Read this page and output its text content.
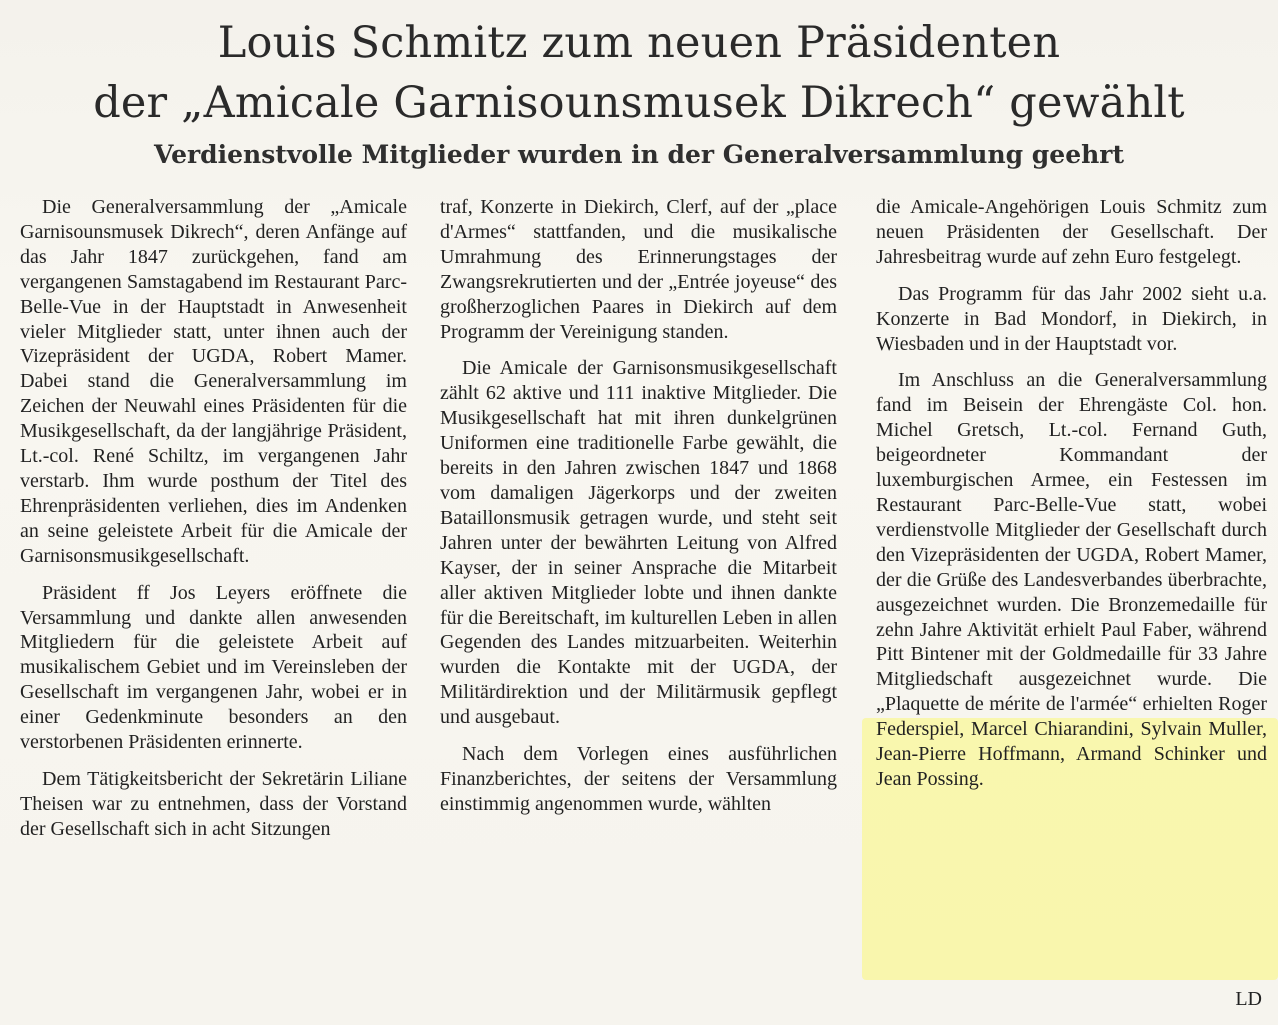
Louis Schmitz zum neuen Präsidenten
der „Amicale Garnisounsmusek Dikrech“ gewählt
Verdienstvolle Mitglieder wurden in der Generalversammlung geehrt

Die Generalversammlung der „Amicale Garnisounsmusek Dikrech“, deren Anfänge auf das Jahr 1847 zurückgehen, fand am vergangenen Samstagabend im Restaurant Parc-Belle-Vue in der Hauptstadt in Anwesenheit vieler Mitglieder statt, unter ihnen auch der Vizepräsident der UGDA, Robert Mamer. Dabei stand die Generalversammlung im Zeichen der Neuwahl eines Präsidenten für die Musikgesellschaft, da der langjährige Präsident, Lt.-col. René Schiltz, im vergangenen Jahr verstarb. Ihm wurde posthum der Titel des Ehrenpräsidenten verliehen, dies im Andenken an seine geleistete Arbeit für die Amicale der Garnisonsmusikgesellschaft.

Präsident ff Jos Leyers eröffnete die Versammlung und dankte allen anwesenden Mitgliedern für die geleistete Arbeit auf musikalischem Gebiet und im Vereinsleben der Gesellschaft im vergangenen Jahr, wobei er in einer Gedenkminute besonders an den verstorbenen Präsidenten erinnerte.

Dem Tätigkeitsbericht der Sekretärin Liliane Theisen war zu entnehmen, dass der Vorstand der Gesellschaft sich in acht Sitzungen

traf, Konzerte in Diekirch, Clerf, auf der „place d'Armes“ stattfanden, und die musikalische Umrahmung des Erinnerungstages der Zwangsrekrutierten und der „Entrée joyeuse“ des großherzoglichen Paares in Diekirch auf dem Programm der Vereinigung standen.

Die Amicale der Garnisonsmusikgesellschaft zählt 62 aktive und 111 inaktive Mitglieder. Die Musikgesellschaft hat mit ihren dunkelgrünen Uniformen eine traditionelle Farbe gewählt, die bereits in den Jahren zwischen 1847 und 1868 vom damaligen Jägerkorps und der zweiten Bataillonsmusik getragen wurde, und steht seit Jahren unter der bewährten Leitung von Alfred Kayser, der in seiner Ansprache die Mitarbeit aller aktiven Mitglieder lobte und ihnen dankte für die Bereitschaft, im kulturellen Leben in allen Gegenden des Landes mitzuarbeiten. Weiterhin wurden die Kontakte mit der UGDA, der Militärdirektion und der Militärmusik gepflegt und ausgebaut.

Nach dem Vorlegen eines ausführlichen Finanzberichtes, der seitens der Versammlung einstimmig angenommen wurde, wählten

die Amicale-Angehörigen Louis Schmitz zum neuen Präsidenten der Gesellschaft. Der Jahresbeitrag wurde auf zehn Euro festgelegt.

Das Programm für das Jahr 2002 sieht u.a. Konzerte in Bad Mondorf, in Diekirch, in Wiesbaden und in der Hauptstadt vor.

Im Anschluss an die Generalversammlung fand im Beisein der Ehrengäste Col. hon. Michel Gretsch, Lt.-col. Fernand Guth, beigeordneter Kommandant der luxemburgischen Armee, ein Festessen im Restaurant Parc-Belle-Vue statt, wobei verdienstvolle Mitglieder der Gesellschaft durch den Vizepräsidenten der UGDA, Robert Mamer, der die Grüße des Landesverbandes überbrachte, ausgezeichnet wurden. Die Bronzemedaille für zehn Jahre Aktivität erhielt Paul Faber, während Pitt Bintener mit der Goldmedaille für 33 Jahre Mitgliedschaft ausgezeichnet wurde. Die „Plaquette de mérite de l'armée“ erhielten Roger Federspiel, Marcel Chiarandini, Sylvain Muller, Jean-Pierre Hoffmann, Armand Schinker und Jean Possing.

LD
